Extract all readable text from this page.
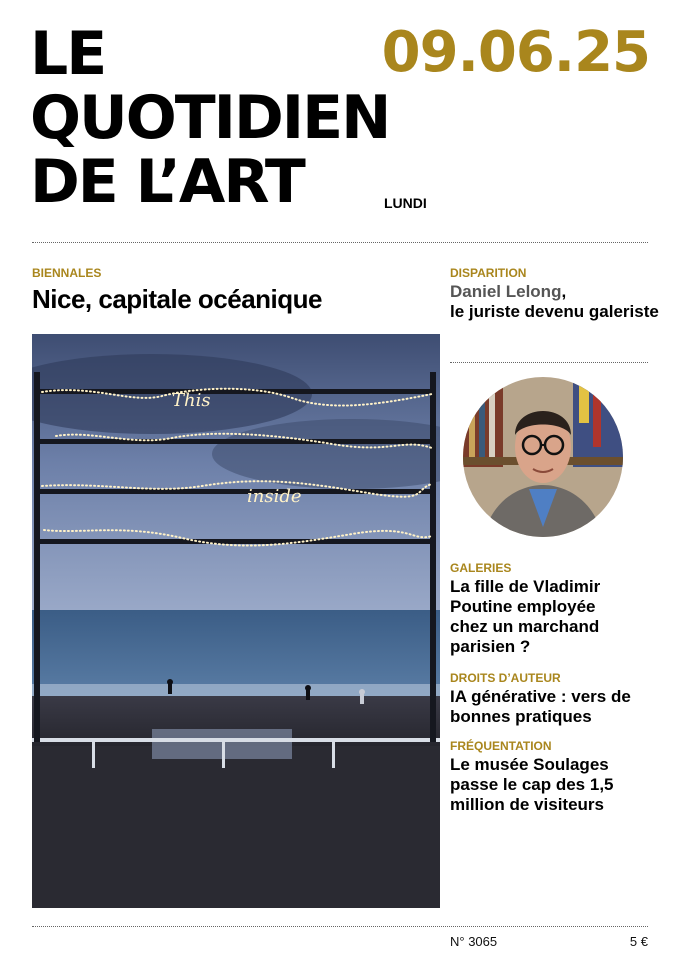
LE
QUOTIDIEN
DE L’ART
09.06.25
LUNDI
BIENNALES
Nice, capitale océanique
This
inside
DISPARITION
Daniel Lelong,
le juriste devenu galeriste
GALERIES
La fille de Vladimir Poutine employée chez un marchand parisien ?
DROITS D’AUTEUR
IA générative : vers de bonnes pratiques
FRÉQUENTATION
Le musée Soulages passe le cap des 1,5 million de visiteurs
N° 3065	5 €
